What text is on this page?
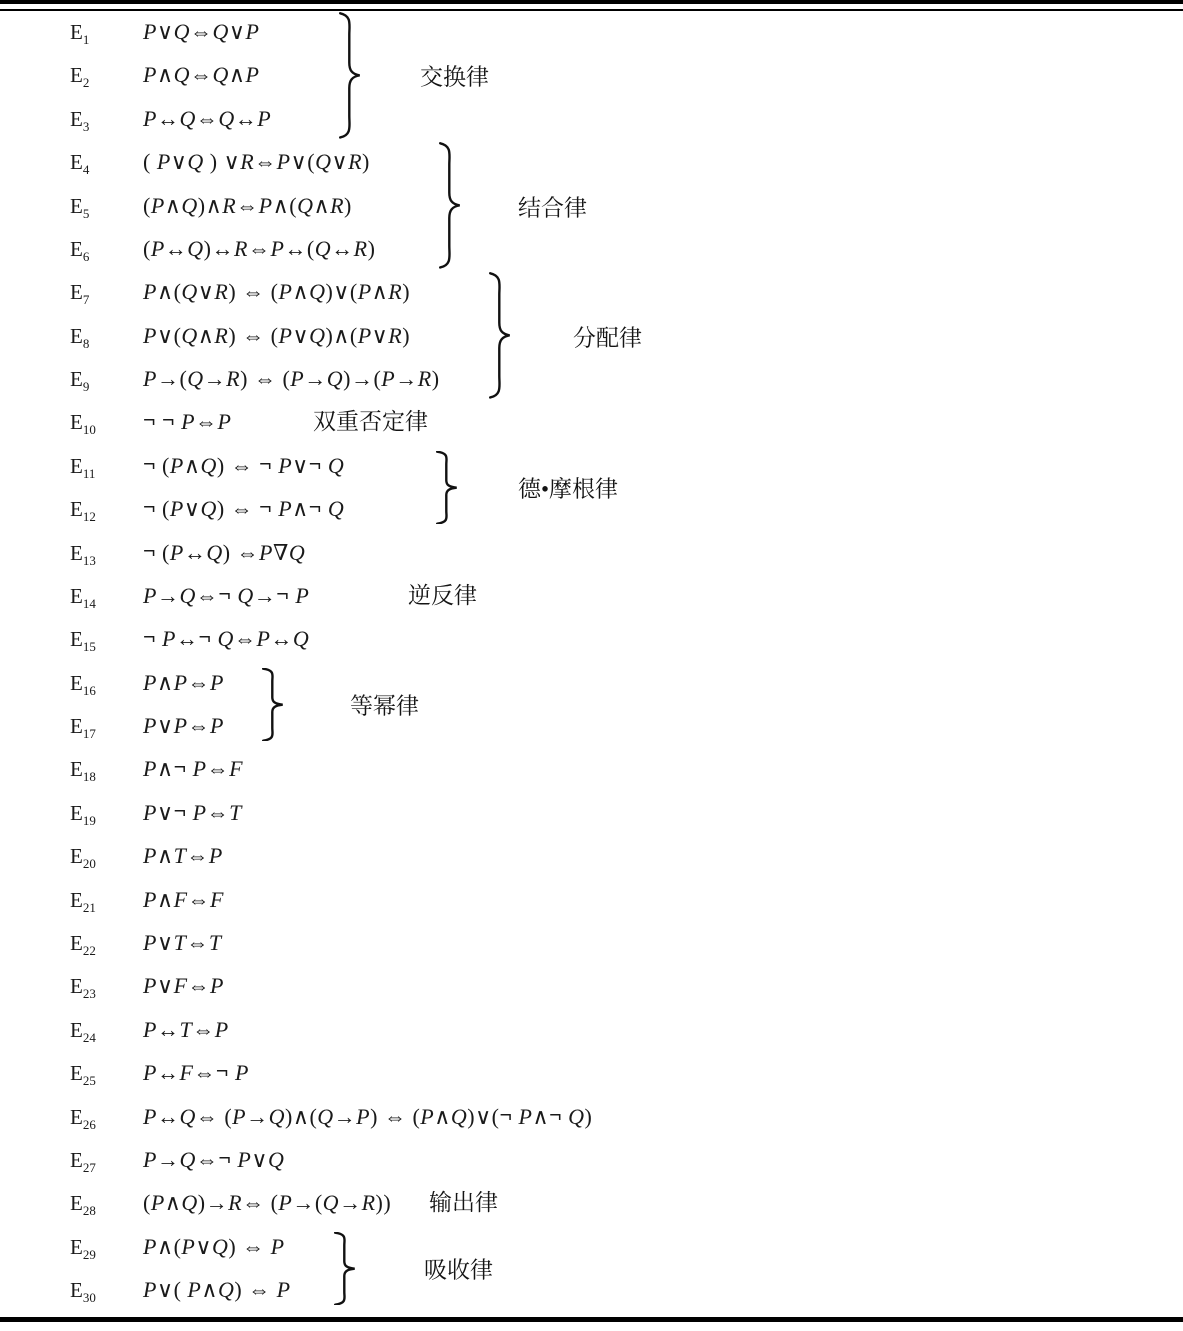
$E_1$ P∨Q⇔Q∨P
$E_2$ P∧Q⇔Q∧P
$E_3$ P↔Q⇔Q↔P
$E_4$ ( P∨Q ) ∨R⇔P∨(Q∨R)
$E_5$ (P∧Q)∧R⇔P∧(Q∧R)
$E_6$ (P↔Q)↔R⇔P↔(Q↔R)
$E_7$ P∧(Q∨R) ⇔ (P∧Q)∨(P∧R)
$E_8$ P∨(Q∧R) ⇔ (P∨Q)∧(P∨R)
$E_9$ P→(Q→R) ⇔ (P→Q)→(P→R)
$E_{10}$ ¬ ¬ P⇔P	双重否定律
$E_{11}$ ¬ (P∧Q) ⇔ ¬ P∨¬ Q
$E_{12}$ ¬ (P∨Q) ⇔ ¬ P∧¬ Q
$E_{13}$ ¬ (P↔Q) ⇔P∇Q
$E_{14}$ P→Q⇔¬ Q→¬ P	逆反律
$E_{15}$ ¬ P↔¬ Q⇔P↔Q
$E_{16}$ P∧P⇔P
$E_{17}$ P∨P⇔P
$E_{18}$ P∧¬ P⇔F
$E_{19}$ P∨¬ P⇔T
$E_{20}$ P∧T⇔P
$E_{21}$ P∧F⇔F
$E_{22}$ P∨T⇔T
$E_{23}$ P∨F⇔P
$E_{24}$ P↔T⇔P
$E_{25}$ P↔F⇔¬ P
$E_{26}$ P↔Q⇔ (P→Q)∧(Q→P) ⇔ (P∧Q)∨(¬ P∧¬ Q)
$E_{27}$ P→Q⇔¬ P∨Q
$E_{28}$ (P∧Q)→R⇔ (P→(Q→R)) 输出律
$E_{29}$ P∧(P∨Q) ⇔ P
$E_{30}$ P∨( P∧Q) ⇔ P
交换律
结合律
分配律
德•摩根律
等幂律
吸收律
